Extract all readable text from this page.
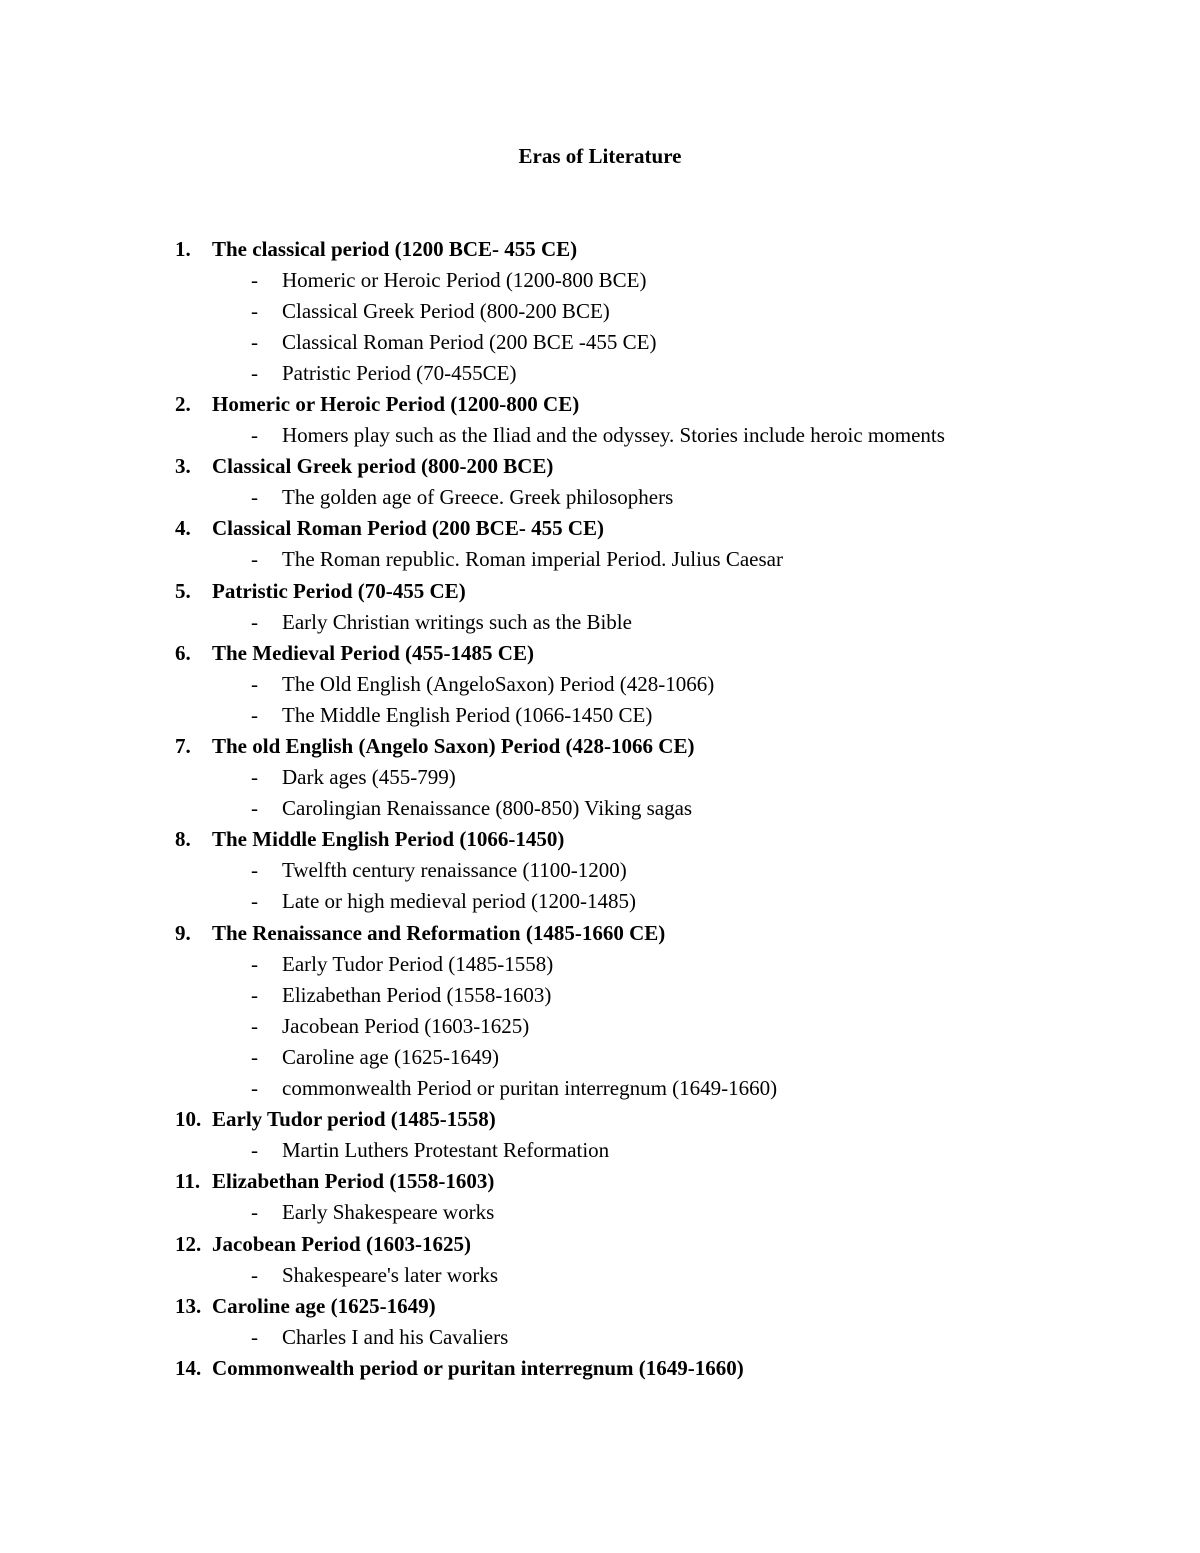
Eras of Literature
1. The classical period (1200 BCE- 455 CE)
- Homeric or Heroic Period (1200-800 BCE)
- Classical Greek Period (800-200 BCE)
- Classical Roman Period (200 BCE -455 CE)
- Patristic Period (70-455CE)
2. Homeric or Heroic Period (1200-800 CE)
- Homers play such as the Iliad and the odyssey. Stories include heroic moments
3. Classical Greek period (800-200 BCE)
- The golden age of Greece. Greek philosophers
4. Classical Roman Period (200 BCE- 455 CE)
- The Roman republic. Roman imperial Period. Julius Caesar
5. Patristic Period (70-455 CE)
- Early Christian writings such as the Bible
6. The Medieval Period (455-1485 CE)
- The Old English (AngeloSaxon) Period (428-1066)
- The Middle English Period (1066-1450 CE)
7. The old English (Angelo Saxon) Period (428-1066 CE)
- Dark ages (455-799)
- Carolingian Renaissance (800-850) Viking sagas
8. The Middle English Period (1066-1450)
- Twelfth century renaissance (1100-1200)
- Late or high medieval period (1200-1485)
9. The Renaissance and Reformation (1485-1660 CE)
- Early Tudor Period (1485-1558)
- Elizabethan Period (1558-1603)
- Jacobean Period (1603-1625)
- Caroline age (1625-1649)
- commonwealth Period or puritan interregnum (1649-1660)
10. Early Tudor period (1485-1558)
- Martin Luthers Protestant Reformation
11. Elizabethan Period (1558-1603)
- Early Shakespeare works
12. Jacobean Period (1603-1625)
- Shakespeare's later works
13. Caroline age (1625-1649)
- Charles I and his Cavaliers
14. Commonwealth period or puritan interregnum (1649-1660)
